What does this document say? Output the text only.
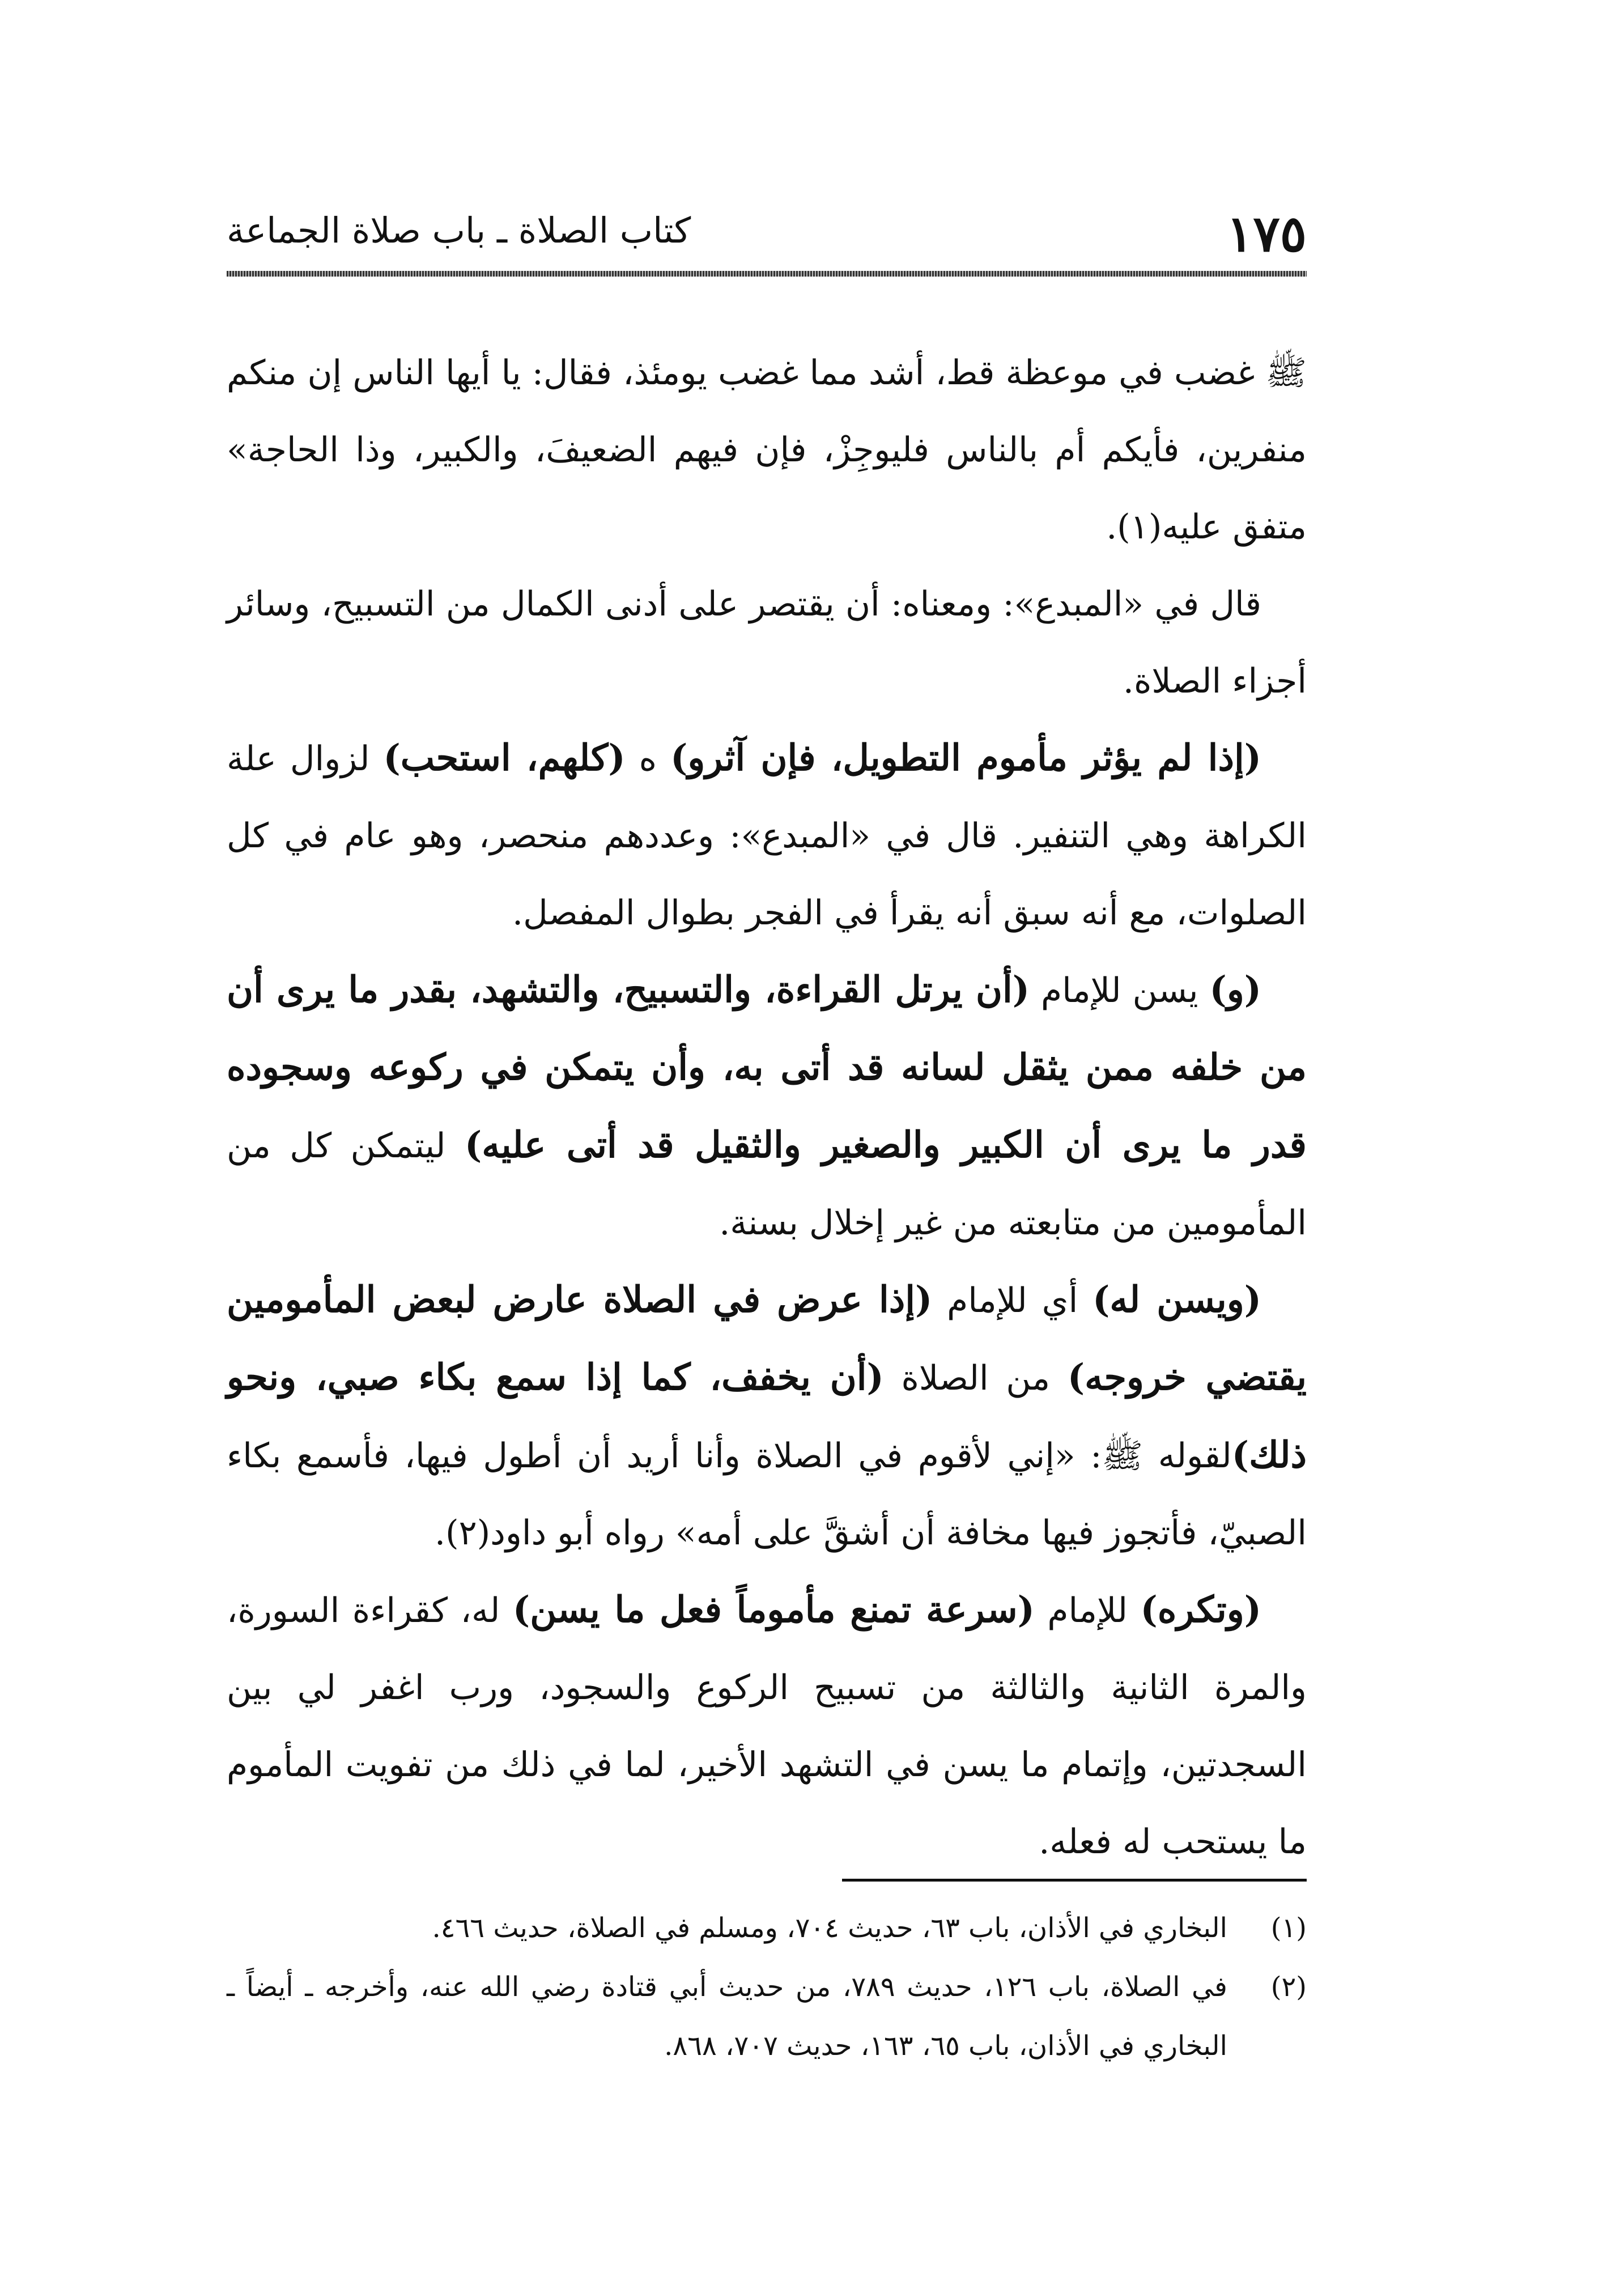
١٧٥
كتاب الصلاة ـ باب صلاة الجماعة

ﷺ غضب في موعظة قط، أشد مما غضب يومئذ، فقال: يا أيها الناس إن منكم منفرين، فأيكم أم بالناس فليوجِزْ، فإن فيهم الضعيفَ، والكبير، وذا الحاجة» متفق عليه(١).

قال في «المبدع»: ومعناه: أن يقتصر على أدنى الكمال من التسبيح، وسائر أجزاء الصلاة.

(إذا لم يؤثر مأموم التطويل، فإن آثرو) ه (كلهم، استحب) لزوال علة الكراهة وهي التنفير. قال في «المبدع»: وعددهم منحصر، وهو عام في كل الصلوات، مع أنه سبق أنه يقرأ في الفجر بطوال المفصل.

(و) يسن للإمام (أن يرتل القراءة، والتسبيح، والتشهد، بقدر ما يرى أن من خلفه ممن يثقل لسانه قد أتى به، وأن يتمكن في ركوعه وسجوده قدر ما يرى أن الكبير والصغير والثقيل قد أتى عليه) ليتمكن كل من المأمومين من متابعته من غير إخلال بسنة.

(ويسن له) أي للإمام (إذا عرض في الصلاة عارض لبعض المأمومين يقتضي خروجه) من الصلاة (أن يخفف، كما إذا سمع بكاء صبي، ونحو ذلك)لقوله ﷺ: «إني لأقوم في الصلاة وأنا أريد أن أطول فيها، فأسمع بكاء الصبيّ، فأتجوز فيها مخافة أن أشقَّ على أمه» رواه أبو داود(٢).

(وتكره) للإمام (سرعة تمنع مأموماً فعل ما يسن) له، كقراءة السورة، والمرة الثانية والثالثة من تسبيح الركوع والسجود، ورب اغفر لي بين السجدتين، وإتمام ما يسن في التشهد الأخير، لما في ذلك من تفويت المأموم ما يستحب له فعله.

(١)
البخاري في الأذان، باب ٦٣، حديث ٧٠٤، ومسلم في الصلاة، حديث ٤٦٦.

(٢)
في الصلاة، باب ١٢٦، حديث ٧٨٩، من حديث أبي قتادة رضي الله عنه، وأخرجه ـ أيضاً ـ البخاري في الأذان، باب ٦٥، ١٦٣، حديث ٧٠٧، ٨٦٨.
